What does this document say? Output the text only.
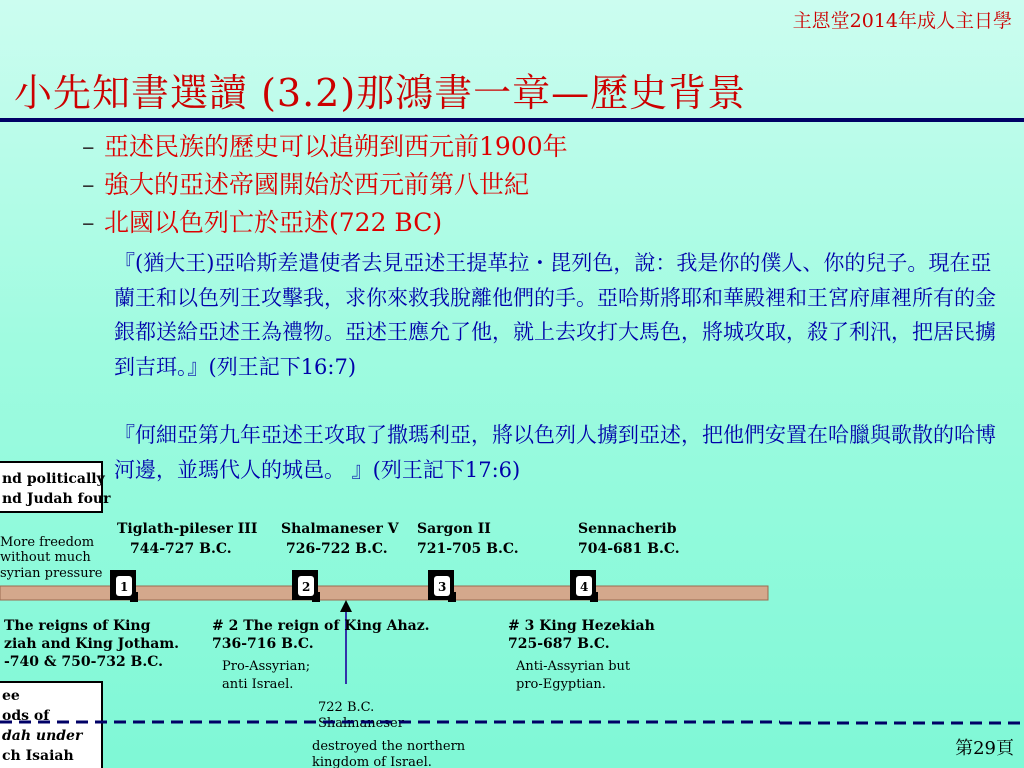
主恩堂2014年成人主日學
小先知書選讀 (3.2)那鴻書一章—歷史背景
– 亞述民族的歷史可以追朔到西元前1900年
– 強大的亞述帝國開始於西元前第八世紀
– 北國以色列亡於亞述(722 BC)

『(猶大王)亞哈斯差遣使者去見亞述王提革拉・毘列色，說：我是你的僕人、你的兒子。現在亞蘭王和以色列王攻擊我，求你來救我脫離他們的手。亞哈斯將耶和華殿裡和王宮府庫裡所有的金銀都送給亞述王為禮物。亞述王應允了他，就上去攻打大馬色，將城攻取，殺了利汛，把居民擄到吉珥。』(列王記下16:7)

『何細亞第九年亞述王攻取了撒瑪利亞，將以色列人擄到亞述，把他們安置在哈臘與歌散的哈博河邊，並瑪代人的城邑。 』(列王記下17:6)

nd politically
nd Judah four
More freedom
without much
syrian pressure
Tiglath-pileser III
744-727 B.C.
Shalmaneser V
726-722 B.C.
Sargon II
721-705 B.C.
Sennacherib
704-681 B.C.
1	2	3	4
The reigns of King
ziah and King Jotham.
-740 & 750-732 B.C.
# 2 The reign of King Ahaz.
736-716 B.C.
Pro-Assyrian;
anti Israel.
# 3 King Hezekiah
725-687 B.C.
Anti-Assyrian but
pro-Egyptian.
722 B.C.
Shalmaneser
destroyed the northern
kingdom of Israel.
ee
ods of
dah under
ch Isaiah	第29頁
